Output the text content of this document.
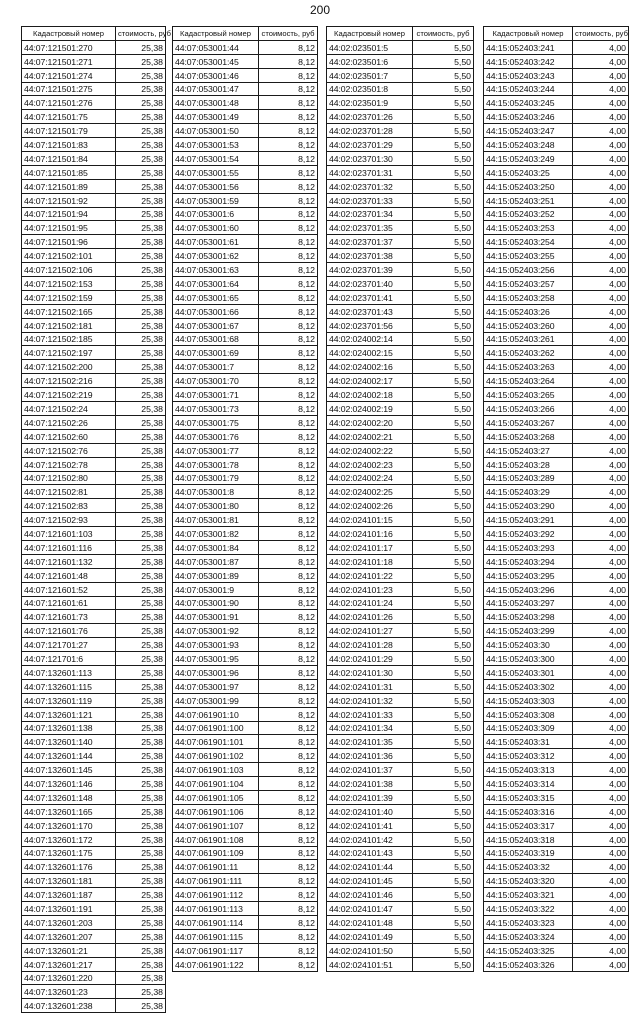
200
Кадастровый номер	стоимость, руб
44:07:121501:270	25,38
44:07:121501:271	25,38
44:07:121501:274	25,38
44:07:121501:275	25,38
44:07:121501:276	25,38
44:07:121501:75	25,38
44:07:121501:79	25,38
44:07:121501:83	25,38
44:07:121501:84	25,38
44:07:121501:85	25,38
44:07:121501:89	25,38
44:07:121501:92	25,38
44:07:121501:94	25,38
44:07:121501:95	25,38
44:07:121501:96	25,38
44:07:121502:101	25,38
44:07:121502:106	25,38
44:07:121502:153	25,38
44:07:121502:159	25,38
44:07:121502:165	25,38
44:07:121502:181	25,38
44:07:121502:185	25,38
44:07:121502:197	25,38
44:07:121502:200	25,38
44:07:121502:216	25,38
44:07:121502:219	25,38
44:07:121502:24	25,38
44:07:121502:26	25,38
44:07:121502:60	25,38
44:07:121502:76	25,38
44:07:121502:78	25,38
44:07:121502:80	25,38
44:07:121502:81	25,38
44:07:121502:83	25,38
44:07:121502:93	25,38
44:07:121601:103	25,38
44:07:121601:116	25,38
44:07:121601:132	25,38
44:07:121601:48	25,38
44:07:121601:52	25,38
44:07:121601:61	25,38
44:07:121601:73	25,38
44:07:121601:76	25,38
44:07:121701:27	25,38
44:07:121701:6	25,38
44:07:132601:113	25,38
44:07:132601:115	25,38
44:07:132601:119	25,38
44:07:132601:121	25,38
44:07:132601:138	25,38
44:07:132601:140	25,38
44:07:132601:144	25,38
44:07:132601:145	25,38
44:07:132601:146	25,38
44:07:132601:148	25,38
44:07:132601:165	25,38
44:07:132601:170	25,38
44:07:132601:172	25,38
44:07:132601:175	25,38
44:07:132601:176	25,38
44:07:132601:181	25,38
44:07:132601:187	25,38
44:07:132601:191	25,38
44:07:132601:203	25,38
44:07:132601:207	25,38
44:07:132601:21	25,38
44:07:132601:217	25,38
44:07:132601:220	25,38
44:07:132601:23	25,38
44:07:132601:238	25,38
Кадастровый номер	стоимость, руб
44:07:053001:44	8,12
44:07:053001:45	8,12
44:07:053001:46	8,12
44:07:053001:47	8,12
44:07:053001:48	8,12
44:07:053001:49	8,12
44:07:053001:50	8,12
44:07:053001:53	8,12
44:07:053001:54	8,12
44:07:053001:55	8,12
44:07:053001:56	8,12
44:07:053001:59	8,12
44:07:053001:6	8,12
44:07:053001:60	8,12
44:07:053001:61	8,12
44:07:053001:62	8,12
44:07:053001:63	8,12
44:07:053001:64	8,12
44:07:053001:65	8,12
44:07:053001:66	8,12
44:07:053001:67	8,12
44:07:053001:68	8,12
44:07:053001:69	8,12
44:07:053001:7	8,12
44:07:053001:70	8,12
44:07:053001:71	8,12
44:07:053001:73	8,12
44:07:053001:75	8,12
44:07:053001:76	8,12
44:07:053001:77	8,12
44:07:053001:78	8,12
44:07:053001:79	8,12
44:07:053001:8	8,12
44:07:053001:80	8,12
44:07:053001:81	8,12
44:07:053001:82	8,12
44:07:053001:84	8,12
44:07:053001:87	8,12
44:07:053001:89	8,12
44:07:053001:9	8,12
44:07:053001:90	8,12
44:07:053001:91	8,12
44:07:053001:92	8,12
44:07:053001:93	8,12
44:07:053001:95	8,12
44:07:053001:96	8,12
44:07:053001:97	8,12
44:07:053001:99	8,12
44:07:061901:10	8,12
44:07:061901:100	8,12
44:07:061901:101	8,12
44:07:061901:102	8,12
44:07:061901:103	8,12
44:07:061901:104	8,12
44:07:061901:105	8,12
44:07:061901:106	8,12
44:07:061901:107	8,12
44:07:061901:108	8,12
44:07:061901:109	8,12
44:07:061901:11	8,12
44:07:061901:111	8,12
44:07:061901:112	8,12
44:07:061901:113	8,12
44:07:061901:114	8,12
44:07:061901:115	8,12
44:07:061901:117	8,12
44:07:061901:122	8,12
Кадастровый номер	стоимость, руб
44:02:023501:5	5,50
44:02:023501:6	5,50
44:02:023501:7	5,50
44:02:023501:8	5,50
44:02:023501:9	5,50
44:02:023701:26	5,50
44:02:023701:28	5,50
44:02:023701:29	5,50
44:02:023701:30	5,50
44:02:023701:31	5,50
44:02:023701:32	5,50
44:02:023701:33	5,50
44:02:023701:34	5,50
44:02:023701:35	5,50
44:02:023701:37	5,50
44:02:023701:38	5,50
44:02:023701:39	5,50
44:02:023701:40	5,50
44:02:023701:41	5,50
44:02:023701:43	5,50
44:02:023701:56	5,50
44:02:024002:14	5,50
44:02:024002:15	5,50
44:02:024002:16	5,50
44:02:024002:17	5,50
44:02:024002:18	5,50
44:02:024002:19	5,50
44:02:024002:20	5,50
44:02:024002:21	5,50
44:02:024002:22	5,50
44:02:024002:23	5,50
44:02:024002:24	5,50
44:02:024002:25	5,50
44:02:024002:26	5,50
44:02:024101:15	5,50
44:02:024101:16	5,50
44:02:024101:17	5,50
44:02:024101:18	5,50
44:02:024101:22	5,50
44:02:024101:23	5,50
44:02:024101:24	5,50
44:02:024101:26	5,50
44:02:024101:27	5,50
44:02:024101:28	5,50
44:02:024101:29	5,50
44:02:024101:30	5,50
44:02:024101:31	5,50
44:02:024101:32	5,50
44:02:024101:33	5,50
44:02:024101:34	5,50
44:02:024101:35	5,50
44:02:024101:36	5,50
44:02:024101:37	5,50
44:02:024101:38	5,50
44:02:024101:39	5,50
44:02:024101:40	5,50
44:02:024101:41	5,50
44:02:024101:42	5,50
44:02:024101:43	5,50
44:02:024101:44	5,50
44:02:024101:45	5,50
44:02:024101:46	5,50
44:02:024101:47	5,50
44:02:024101:48	5,50
44:02:024101:49	5,50
44:02:024101:50	5,50
44:02:024101:51	5,50
Кадастровый номер	стоимость, руб
44:15:052403:241	4,00
44:15:052403:242	4,00
44:15:052403:243	4,00
44:15:052403:244	4,00
44:15:052403:245	4,00
44:15:052403:246	4,00
44:15:052403:247	4,00
44:15:052403:248	4,00
44:15:052403:249	4,00
44:15:052403:25	4,00
44:15:052403:250	4,00
44:15:052403:251	4,00
44:15:052403:252	4,00
44:15:052403:253	4,00
44:15:052403:254	4,00
44:15:052403:255	4,00
44:15:052403:256	4,00
44:15:052403:257	4,00
44:15:052403:258	4,00
44:15:052403:26	4,00
44:15:052403:260	4,00
44:15:052403:261	4,00
44:15:052403:262	4,00
44:15:052403:263	4,00
44:15:052403:264	4,00
44:15:052403:265	4,00
44:15:052403:266	4,00
44:15:052403:267	4,00
44:15:052403:268	4,00
44:15:052403:27	4,00
44:15:052403:28	4,00
44:15:052403:289	4,00
44:15:052403:29	4,00
44:15:052403:290	4,00
44:15:052403:291	4,00
44:15:052403:292	4,00
44:15:052403:293	4,00
44:15:052403:294	4,00
44:15:052403:295	4,00
44:15:052403:296	4,00
44:15:052403:297	4,00
44:15:052403:298	4,00
44:15:052403:299	4,00
44:15:052403:30	4,00
44:15:052403:300	4,00
44:15:052403:301	4,00
44:15:052403:302	4,00
44:15:052403:303	4,00
44:15:052403:308	4,00
44:15:052403:309	4,00
44:15:052403:31	4,00
44:15:052403:312	4,00
44:15:052403:313	4,00
44:15:052403:314	4,00
44:15:052403:315	4,00
44:15:052403:316	4,00
44:15:052403:317	4,00
44:15:052403:318	4,00
44:15:052403:319	4,00
44:15:052403:32	4,00
44:15:052403:320	4,00
44:15:052403:321	4,00
44:15:052403:322	4,00
44:15:052403:323	4,00
44:15:052403:324	4,00
44:15:052403:325	4,00
44:15:052403:326	4,00
